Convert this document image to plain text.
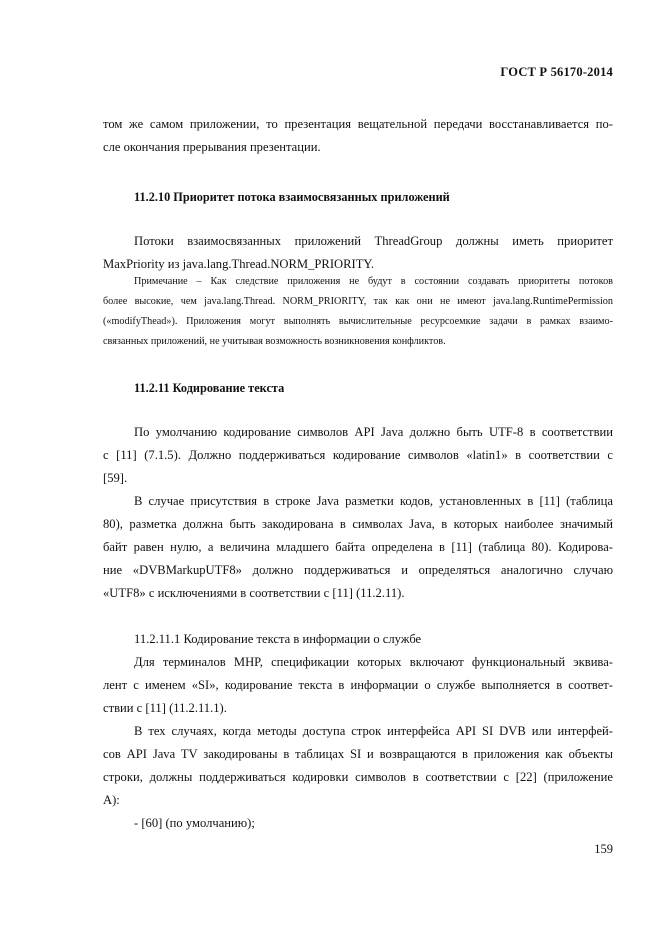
ГОСТ Р 56170-2014
том же самом приложении, то презентация вещательной передачи восстанавливается по-
сле окончания прерывания презентации.
11.2.10 Приоритет потока взаимосвязанных приложений
Потоки взаимосвязанных приложений ThreadGroup должны иметь приоритет
MaxPriority из java.lang.Thread.NORM_PRIORITY.
Примечание – Как следствие приложения не будут в состоянии создавать приоритеты потоков
более высокие, чем java.lang.Thread. NORM_PRIORITY, так как они не имеют java.lang.RuntimePermission
(«modifyThead»). Приложения могут выполнять вычислительные ресурсоемкие задачи в рамках взаимо-
связанных приложений, не учитывая возможность возникновения конфликтов.
11.2.11 Кодирование текста
По умолчанию кодирование символов API Java должно быть UTF-8 в соответствии
с [11] (7.1.5). Должно поддерживаться кодирование символов «latin1» в соответствии с
[59].
В случае присутствия в строке Java разметки кодов, установленных в [11] (таблица
80), разметка должна быть закодирована в символах Java, в которых наиболее значимый
байт равен нулю, а величина младшего байта определена в [11] (таблица 80). Кодирова-
ние «DVBMarkupUTF8» должно поддерживаться и определяться аналогично случаю
«UTF8» с исключениями в соответствии с [11] (11.2.11).
11.2.11.1 Кодирование текста в информации о службе
Для терминалов MHP, спецификации которых включают функциональный эквива-
лент с именем «SI», кодирование текста в информации о службе выполняется в соответ-
ствии с [11] (11.2.11.1).
В тех случаях, когда методы доступа строк интерфейса API SI DVB или интерфей-
сов API Java TV закодированы в таблицах SI и возвращаются в приложения как объекты
строки, должны поддерживаться кодировки символов в соответствии с [22] (приложение
A):
- [60] (по умолчанию);
159
